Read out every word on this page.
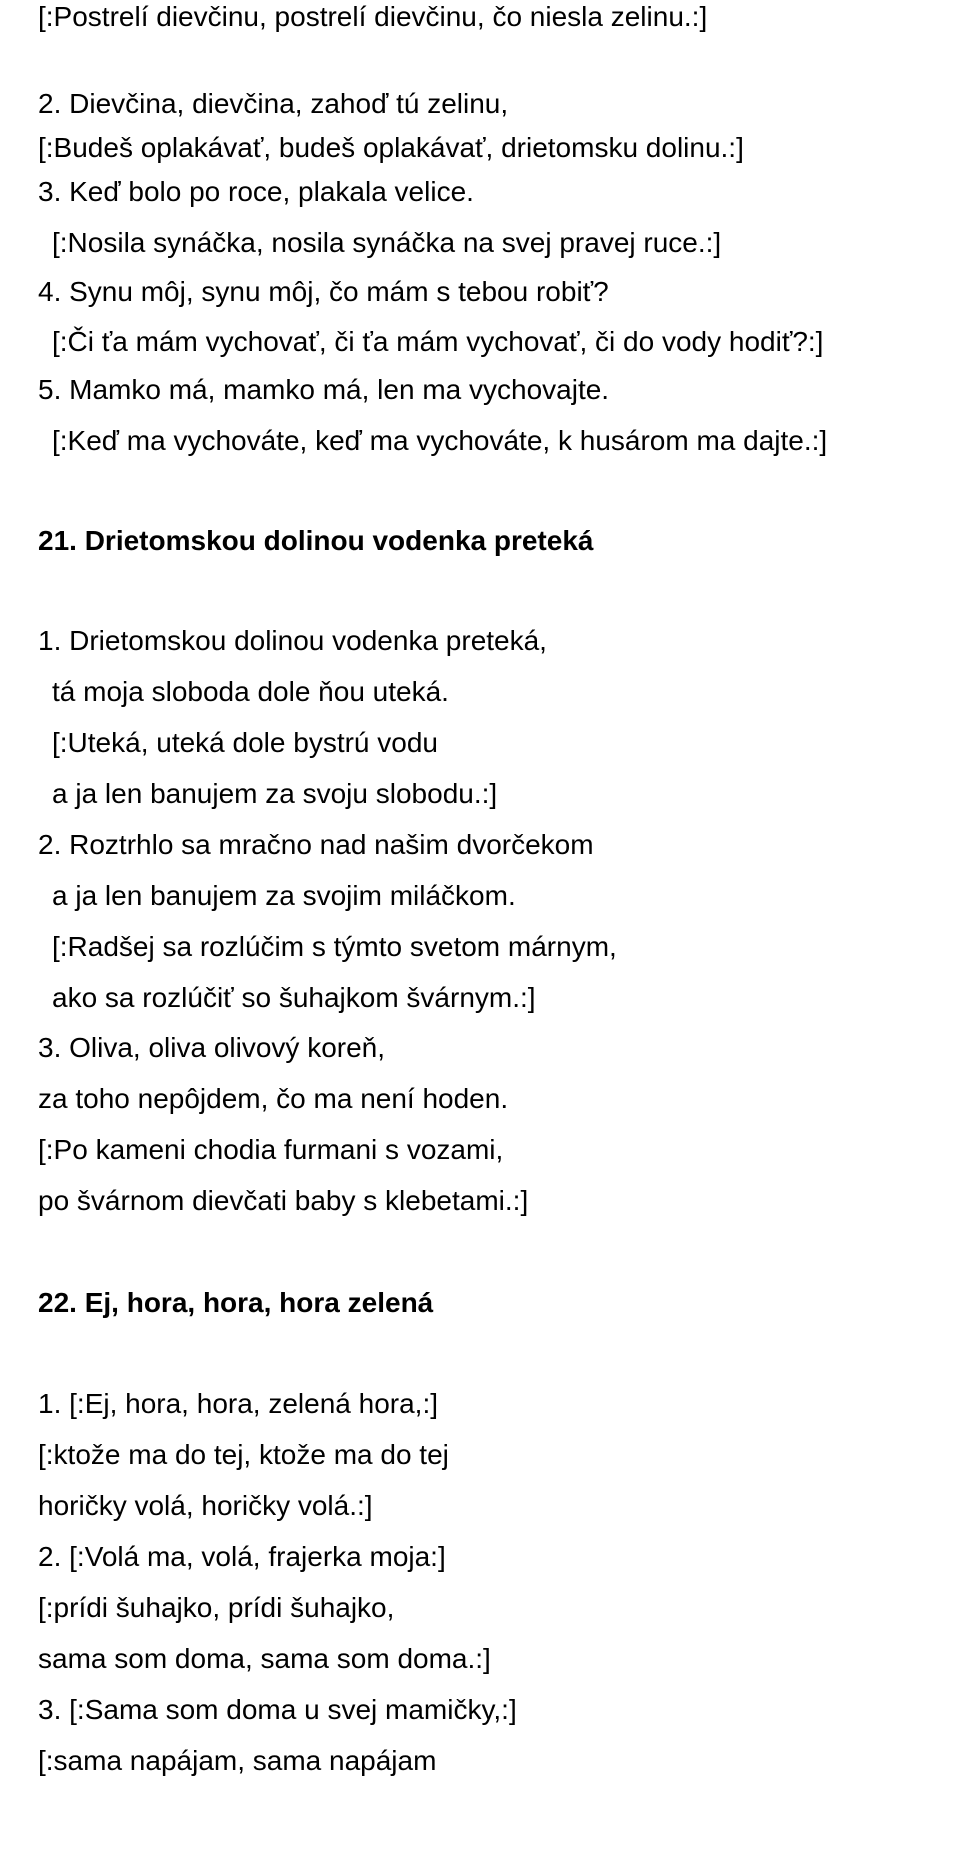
[:Postrelí dievčinu, postrelí dievčinu, čo niesla zelinu.:]
2. Dievčina, dievčina, zahoď tú zelinu,
[:Budeš oplakávať, budeš oplakávať, drietomsku dolinu.:]
3. Keď bolo po roce, plakala velice.
[:Nosila synáčka, nosila synáčka na svej pravej ruce.:]
4. Synu môj, synu môj, čo mám s tebou robiť?
[:Či ťa mám vychovať, či ťa mám vychovať, či do vody hodiť?:]
5. Mamko má, mamko má, len ma vychovajte.
[:Keď ma vychováte, keď ma vychováte, k husárom ma dajte.:]
21. Drietomskou dolinou vodenka preteká
1. Drietomskou dolinou vodenka preteká,
tá moja sloboda dole ňou uteká.
[:Uteká, uteká dole bystrú vodu
a ja len banujem za svoju slobodu.:]
2. Roztrhlo sa mračno nad našim dvorčekom
a ja len banujem za svojim miláčkom.
[:Radšej sa rozlúčim s týmto svetom márnym,
ako sa rozlúčiť so šuhajkom švárnym.:]
3. Oliva, oliva olivový koreň,
za toho nepôjdem, čo ma není hoden.
[:Po kameni chodia furmani s vozami,
po švárnom dievčati baby s klebetami.:]
22. Ej, hora, hora, hora zelená
1. [:Ej, hora, hora, zelená hora,:]
[:ktože ma do tej, ktože ma do tej
horičky volá, horičky volá.:]
2. [:Volá ma, volá, frajerka moja:]
[:prídi šuhajko, prídi šuhajko,
sama som doma, sama som doma.:]
3. [:Sama som doma u svej mamičky,:]
[:sama napájam, sama napájam
